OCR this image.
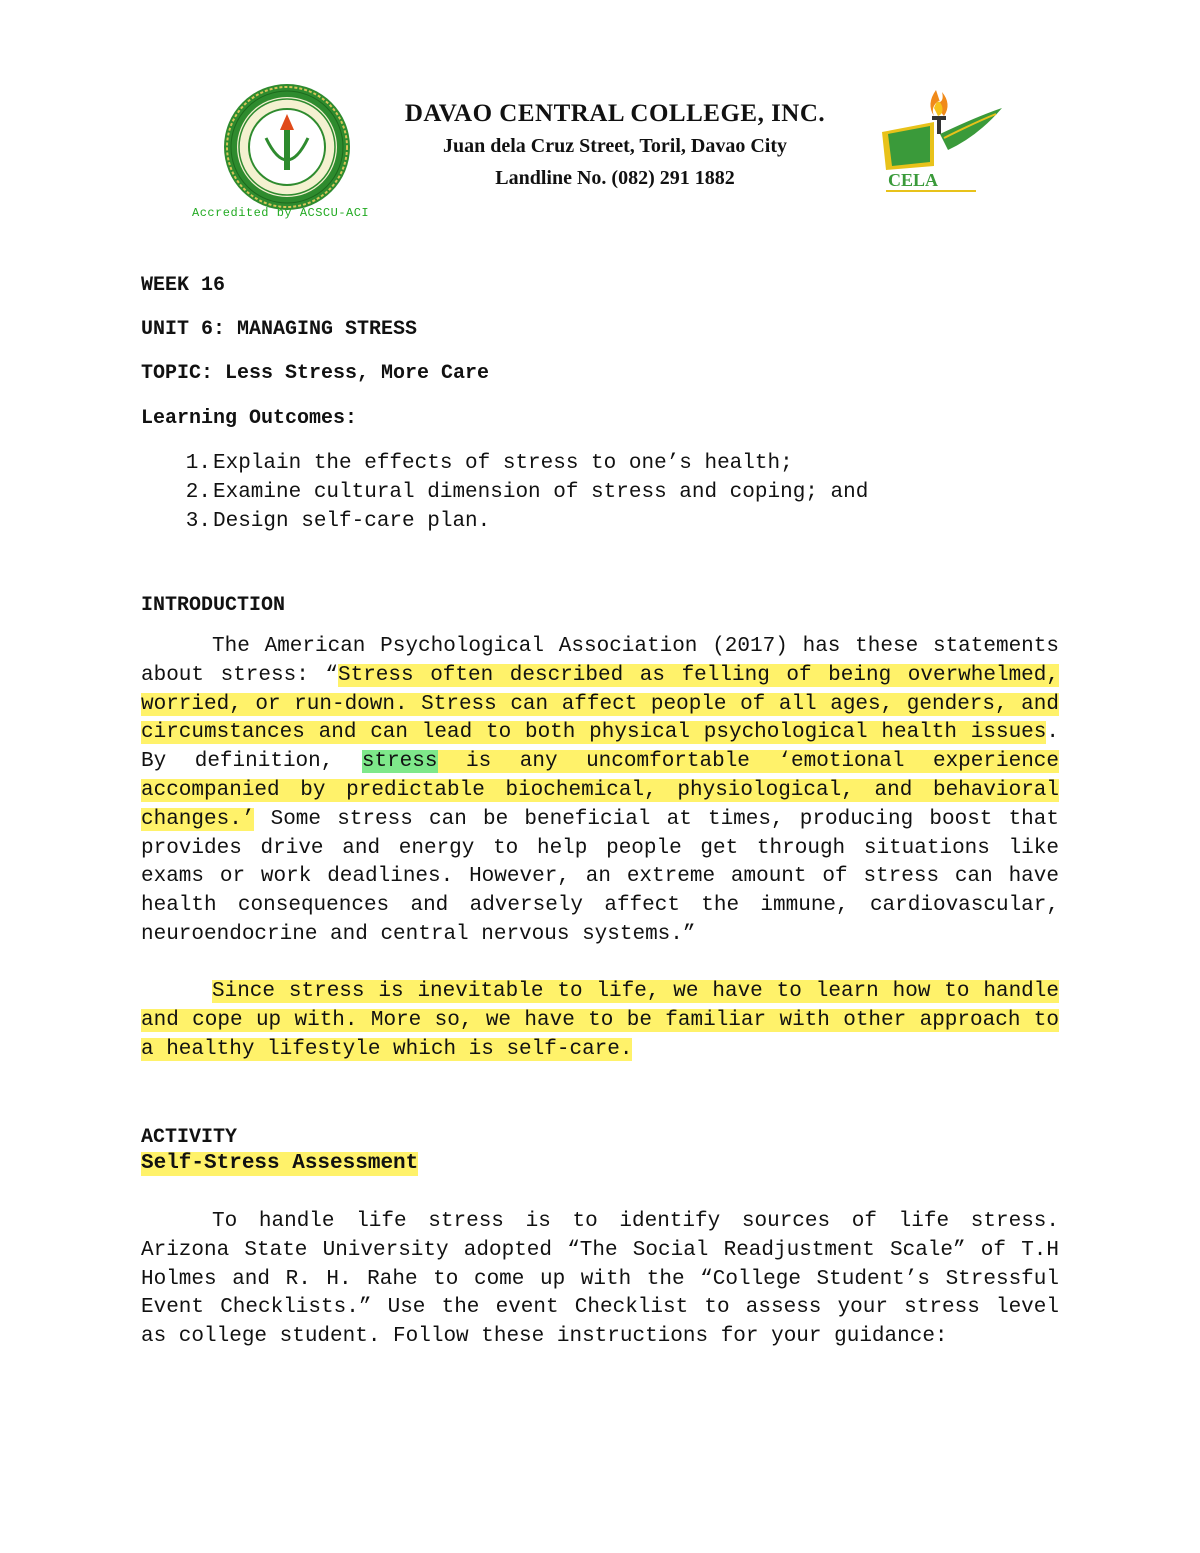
Accredited by ACSCU-ACI
DAVAO CENTRAL COLLEGE, INC.
Juan dela Cruz Street, Toril, Davao City
Landline No. (082) 291 1882	CELA
WEEK 16
UNIT 6: MANAGING STRESS
TOPIC: Less Stress, More Care
Learning Outcomes:
1. Explain the effects of stress to one’s health;
2. Examine cultural dimension of stress and coping; and
3. Design self-care plan.
INTRODUCTION

The American Psychological Association (2017) has these statements about stress: “Stress often described as felling of being overwhelmed, worried, or run-down. Stress can affect people of all ages, genders, and circumstances and can lead to both physical psychological health issues. By definition, stress is any uncomfortable ‘emotional experience accompanied by predictable biochemical, physiological, and behavioral changes.’ Some stress can be beneficial at times, producing boost that provides drive and energy to help people get through situations like exams or work deadlines. However, an extreme amount of stress can have health consequences and adversely affect the immune, cardiovascular, neuroendocrine and central nervous systems.”

Since stress is inevitable to life, we have to learn how to handle and cope up with. More so, we have to be familiar with other approach to a healthy lifestyle which is self-care.

ACTIVITY
Self-Stress Assessment

To handle life stress is to identify sources of life stress. Arizona State University adopted “The Social Readjustment Scale” of T.H Holmes and R. H. Rahe to come up with the “College Student’s Stressful Event Checklists.” Use the event Checklist to assess your stress level as college student. Follow these instructions for your guidance:
